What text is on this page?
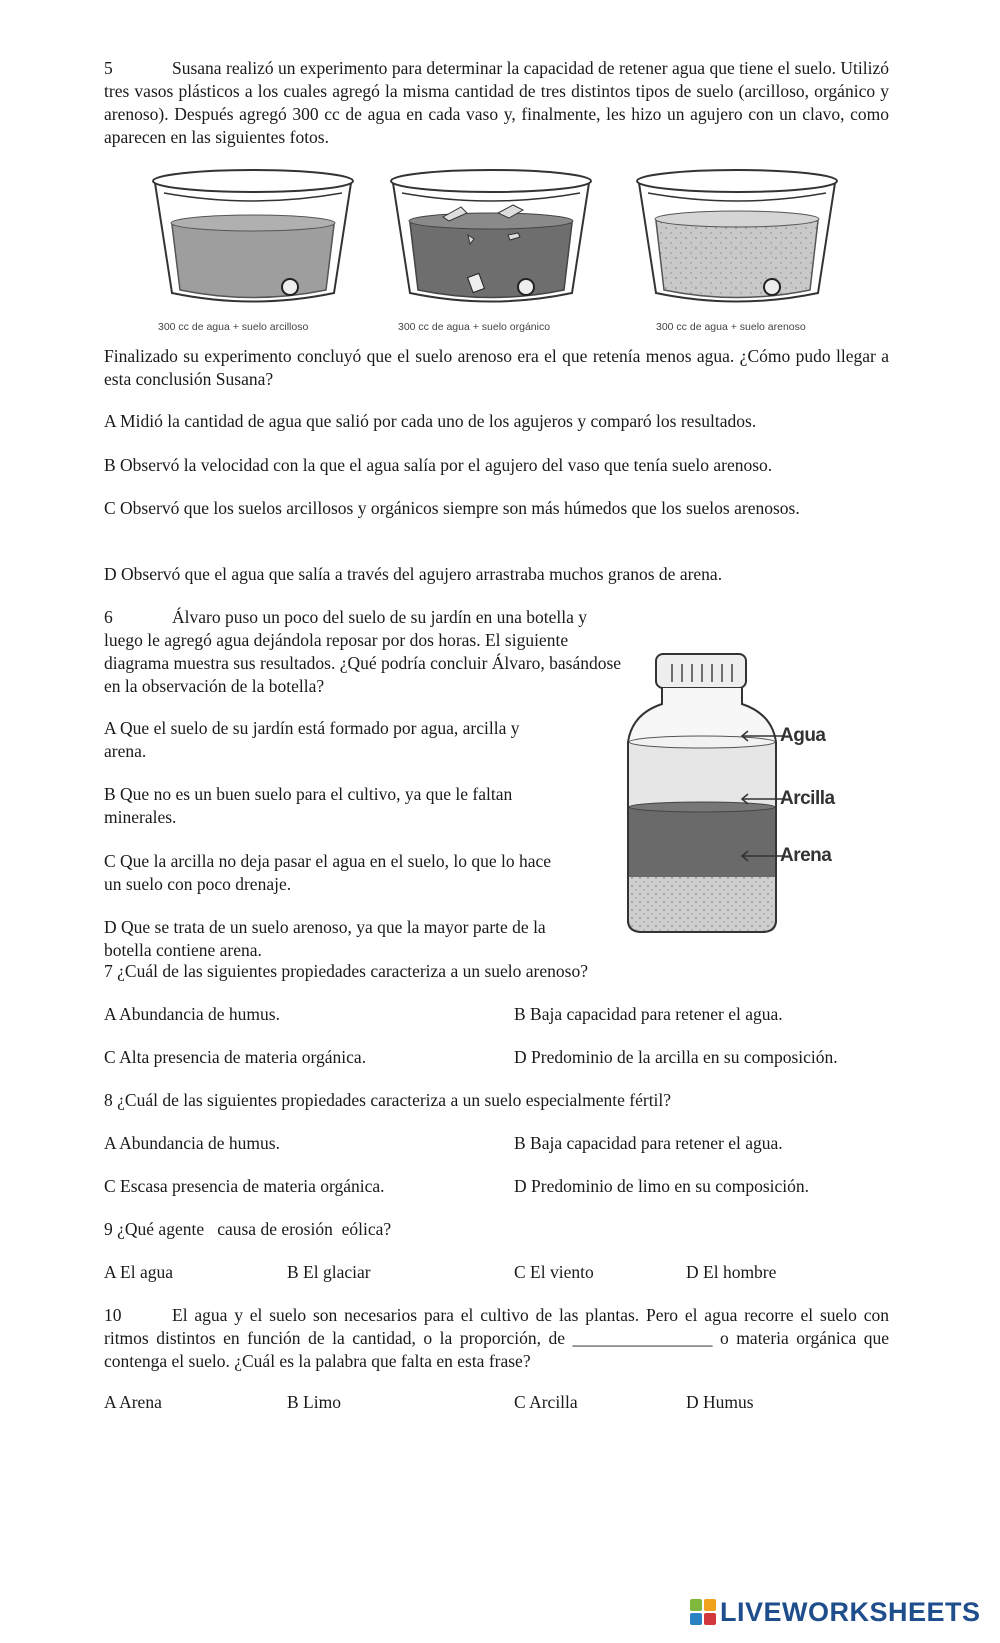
5	Susana realizó un experimento para determinar la capacidad de retener agua que tiene el suelo. Utilizó tres vasos plásticos a los cuales agregó la misma cantidad de tres distintos tipos de suelo (arcilloso, orgánico y arenoso). Después agregó 300 cc de agua en cada vaso y, finalmente, les hizo un agujero con un clavo, como aparecen en las siguientes fotos.
300 cc de agua + suelo arcilloso	300 cc de agua + suelo orgánico	300 cc de agua + suelo arenoso
Finalizado su experimento concluyó que el suelo arenoso era el que retenía menos agua. ¿Cómo pudo llegar a esta conclusión Susana?
A Midió la cantidad de agua que salió por cada uno de los agujeros y comparó los resultados.
B Observó la velocidad con la que el agua salía por el agujero del vaso que tenía suelo arenoso.
C Observó que los suelos arcillosos y orgánicos siempre son más húmedos que los suelos arenosos.
D Observó que el agua que salía a través del agujero arrastraba muchos granos de arena.
6	Álvaro puso un poco del suelo de su jardín en una botella y luego le agregó agua dejándola reposar por dos horas. El siguiente diagrama muestra sus resultados. ¿Qué podría concluir Álvaro, basándose en la observación de la botella?
A Que el suelo de su jardín está formado por agua, arcilla y arena.
B Que no es un buen suelo para el cultivo, ya que le faltan minerales.
C Que la arcilla no deja pasar el agua en el suelo, lo que lo hace un suelo con poco drenaje.
D Que se trata de un suelo arenoso, ya que la mayor parte de la botella contiene arena.
Agua
Arcilla
Arena
7 ¿Cuál de las siguientes propiedades caracteriza a un suelo arenoso?
A Abundancia de humus.	B Baja capacidad para retener el agua.
C Alta presencia de materia orgánica.	D Predominio de la arcilla en su composición.
8 ¿Cuál de las siguientes propiedades caracteriza a un suelo especialmente fértil?
A Abundancia de humus.	B Baja capacidad para retener el agua.
C Escasa presencia de materia orgánica.	D Predominio de limo en su composición.
9 ¿Qué agente   causa de erosión  eólica?
A El agua	B El glaciar	C El viento	D El hombre
10	El agua y el suelo son necesarios para el cultivo de las plantas. Pero el agua recorre el suelo con ritmos distintos en función de la cantidad, o la proporción, de ________________ o materia orgánica que contenga el suelo. ¿Cuál es la palabra que falta en esta frase?
A Arena	B Limo	C Arcilla	D Humus
LIVEWORKSHEETS
